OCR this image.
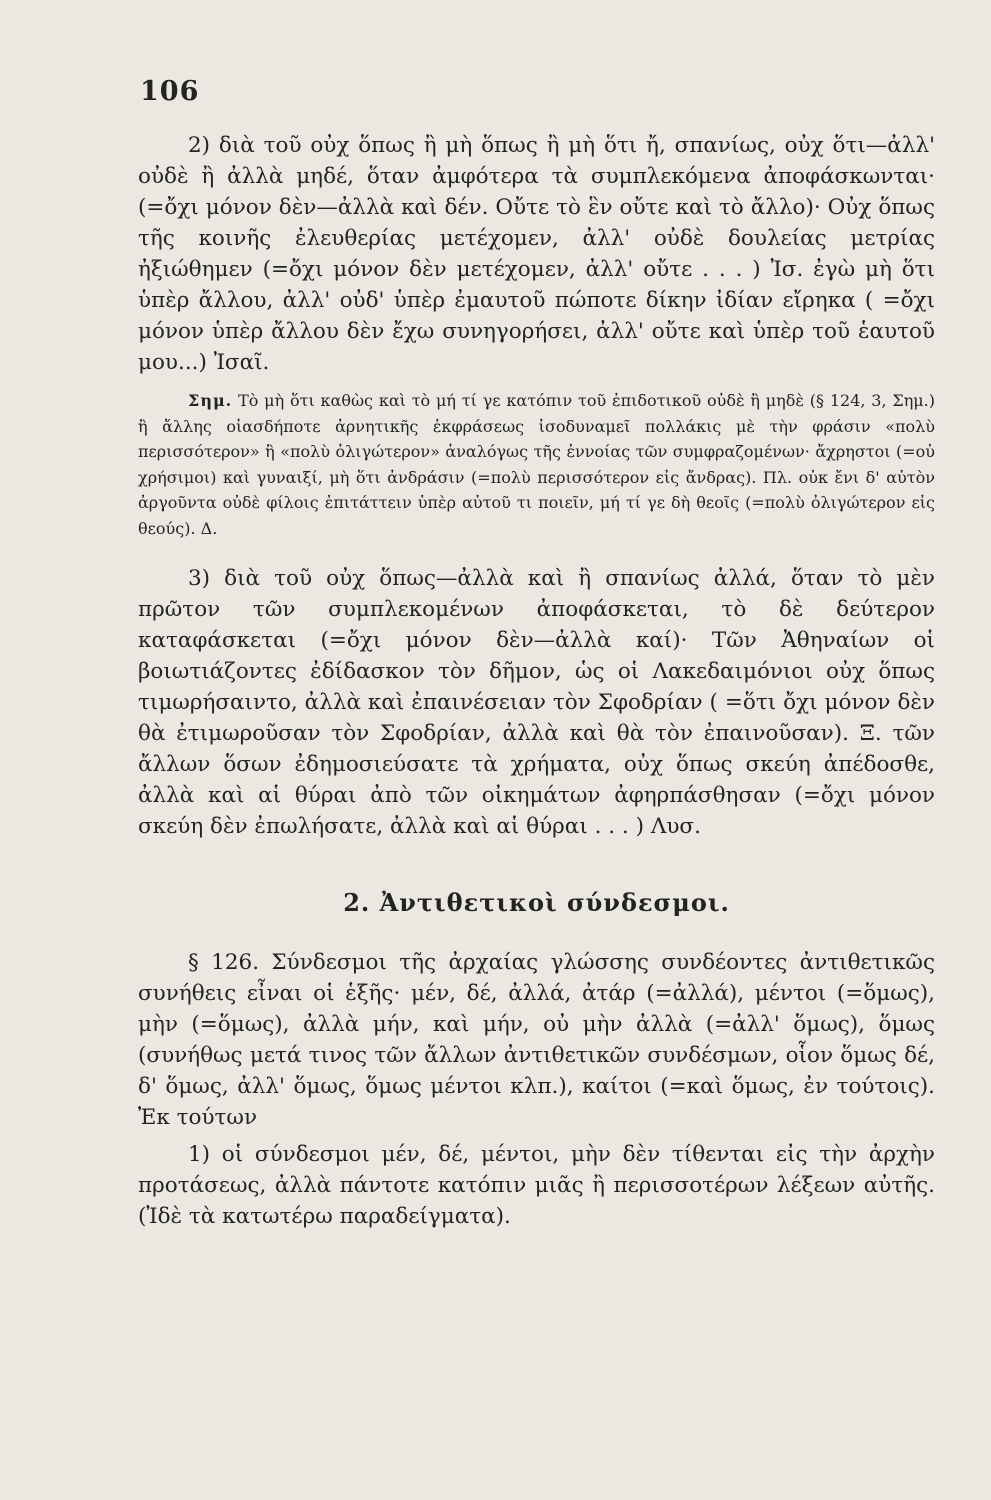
106

2) διὰ τοῦ οὐχ ὅπως ἢ μὴ ὅπως ἢ μὴ ὅτι ἤ, σπανίως, οὐχ ὅτι—ἀλλ' οὐδὲ ἢ ἀλλὰ μηδέ, ὅταν ἀμφότερα τὰ συμπλεκόμενα ἀποφάσκωνται· (=ὄχι μόνον δὲν—ἀλλὰ καὶ δέν. Οὔτε τὸ ἓν οὔτε καὶ τὸ ἄλλο)· Οὐχ ὅπως τῆς κοινῆς ἐλευθερίας μετέχομεν, ἀλλ' οὐδὲ δουλείας μετρίας ἠξιώθημεν (=ὄχι μόνον δὲν μετέχομεν, ἀλλ' οὔτε . . . ) Ἰσ. ἐγὼ μὴ ὅτι ὑπὲρ ἄλλου, ἀλλ' οὐδ' ὑπὲρ ἐμαυτοῦ πώποτε δίκην ἰδίαν εἴρηκα ( =ὄχι μόνον ὑπὲρ ἄλλου δὲν ἔχω συνηγορήσει, ἀλλ' οὔτε καὶ ὑπὲρ τοῦ ἑαυτοῦ μου...) Ἰσαῖ.

Σημ. Τὸ μὴ ὅτι καθὼς καὶ τὸ μή τί γε κατόπιν τοῦ ἐπιδοτικοῦ οὐδὲ ἢ μηδὲ (§ 124, 3, Σημ.) ἢ ἄλλης οἱασδήποτε ἀρνητικῆς ἐκφράσεως ἰσοδυναμεῖ πολλάκις μὲ τὴν φράσιν «πολὺ περισσότερον» ἢ «πολὺ ὀλιγώτερον» ἀναλόγως τῆς ἐννοίας τῶν συμφραζομένων· ἄχρηστοι (=οὐ χρήσιμοι) καὶ γυναιξί, μὴ ὅτι ἀνδράσιν (=πολὺ περισσότερον εἰς ἄνδρας). Πλ. οὐκ ἔνι δ' αὐτὸν ἀργοῦντα οὐδὲ φίλοις ἐπιτάττειν ὑπὲρ αὐτοῦ τι ποιεῖν, μή τί γε δὴ θεοῖς (=πολὺ ὀλιγώτερον εἰς θεούς). Δ.

3) διὰ τοῦ οὐχ ὅπως—ἀλλὰ καὶ ἢ σπανίως ἀλλά, ὅταν τὸ μὲν πρῶτον τῶν συμπλεκομένων ἀποφάσκεται, τὸ δὲ δεύτερον καταφάσκεται (=ὄχι μόνον δὲν—ἀλλὰ καί)· Τῶν Ἀθηναίων οἱ βοιωτιάζοντες ἐδίδασκον τὸν δῆμον, ὡς οἱ Λακεδαιμόνιοι οὐχ ὅπως τιμωρήσαιντο, ἀλλὰ καὶ ἐπαινέσειαν τὸν Σφοδρίαν ( =ὅτι ὄχι μόνον δὲν θὰ ἐτιμωροῦσαν τὸν Σφοδρίαν, ἀλλὰ καὶ θὰ τὸν ἐπαινοῦσαν). Ξ. τῶν ἄλλων ὅσων ἐδημοσιεύσατε τὰ χρήματα, οὐχ ὅπως σκεύη ἀπέδοσθε, ἀλλὰ καὶ αἱ θύραι ἀπὸ τῶν οἰκημάτων ἀφηρπάσθησαν (=ὄχι μόνον σκεύη δὲν ἐπωλήσατε, ἀλλὰ καὶ αἱ θύραι . . . ) Λυσ.

2. Ἀντιθετικοὶ σύνδεσμοι.

§ 126. Σύνδεσμοι τῆς ἀρχαίας γλώσσης συνδέοντες ἀντιθετικῶς συνήθεις εἶναι οἱ ἑξῆς· μέν, δέ, ἀλλά, ἀτάρ (=ἀλλά), μέντοι (=ὅμως), μὴν (=ὅμως), ἀλλὰ μήν, καὶ μήν, οὐ μὴν ἀλλὰ (=ἀλλ' ὅμως), ὅμως (συνήθως μετά τινος τῶν ἄλλων ἀντιθετικῶν συνδέσμων, οἷον ὅμως δέ, δ' ὅμως, ἀλλ' ὅμως, ὅμως μέντοι κλπ.), καίτοι (=καὶ ὅμως, ἐν τούτοις). Ἐκ τούτων

1) οἱ σύνδεσμοι μέν, δέ, μέντοι, μὴν δὲν τίθενται εἰς τὴν ἀρχὴν προτάσεως, ἀλλὰ πάντοτε κατόπιν μιᾶς ἢ περισσοτέρων λέξεων αὐτῆς. (Ἰδὲ τὰ κατωτέρω παραδείγματα).
